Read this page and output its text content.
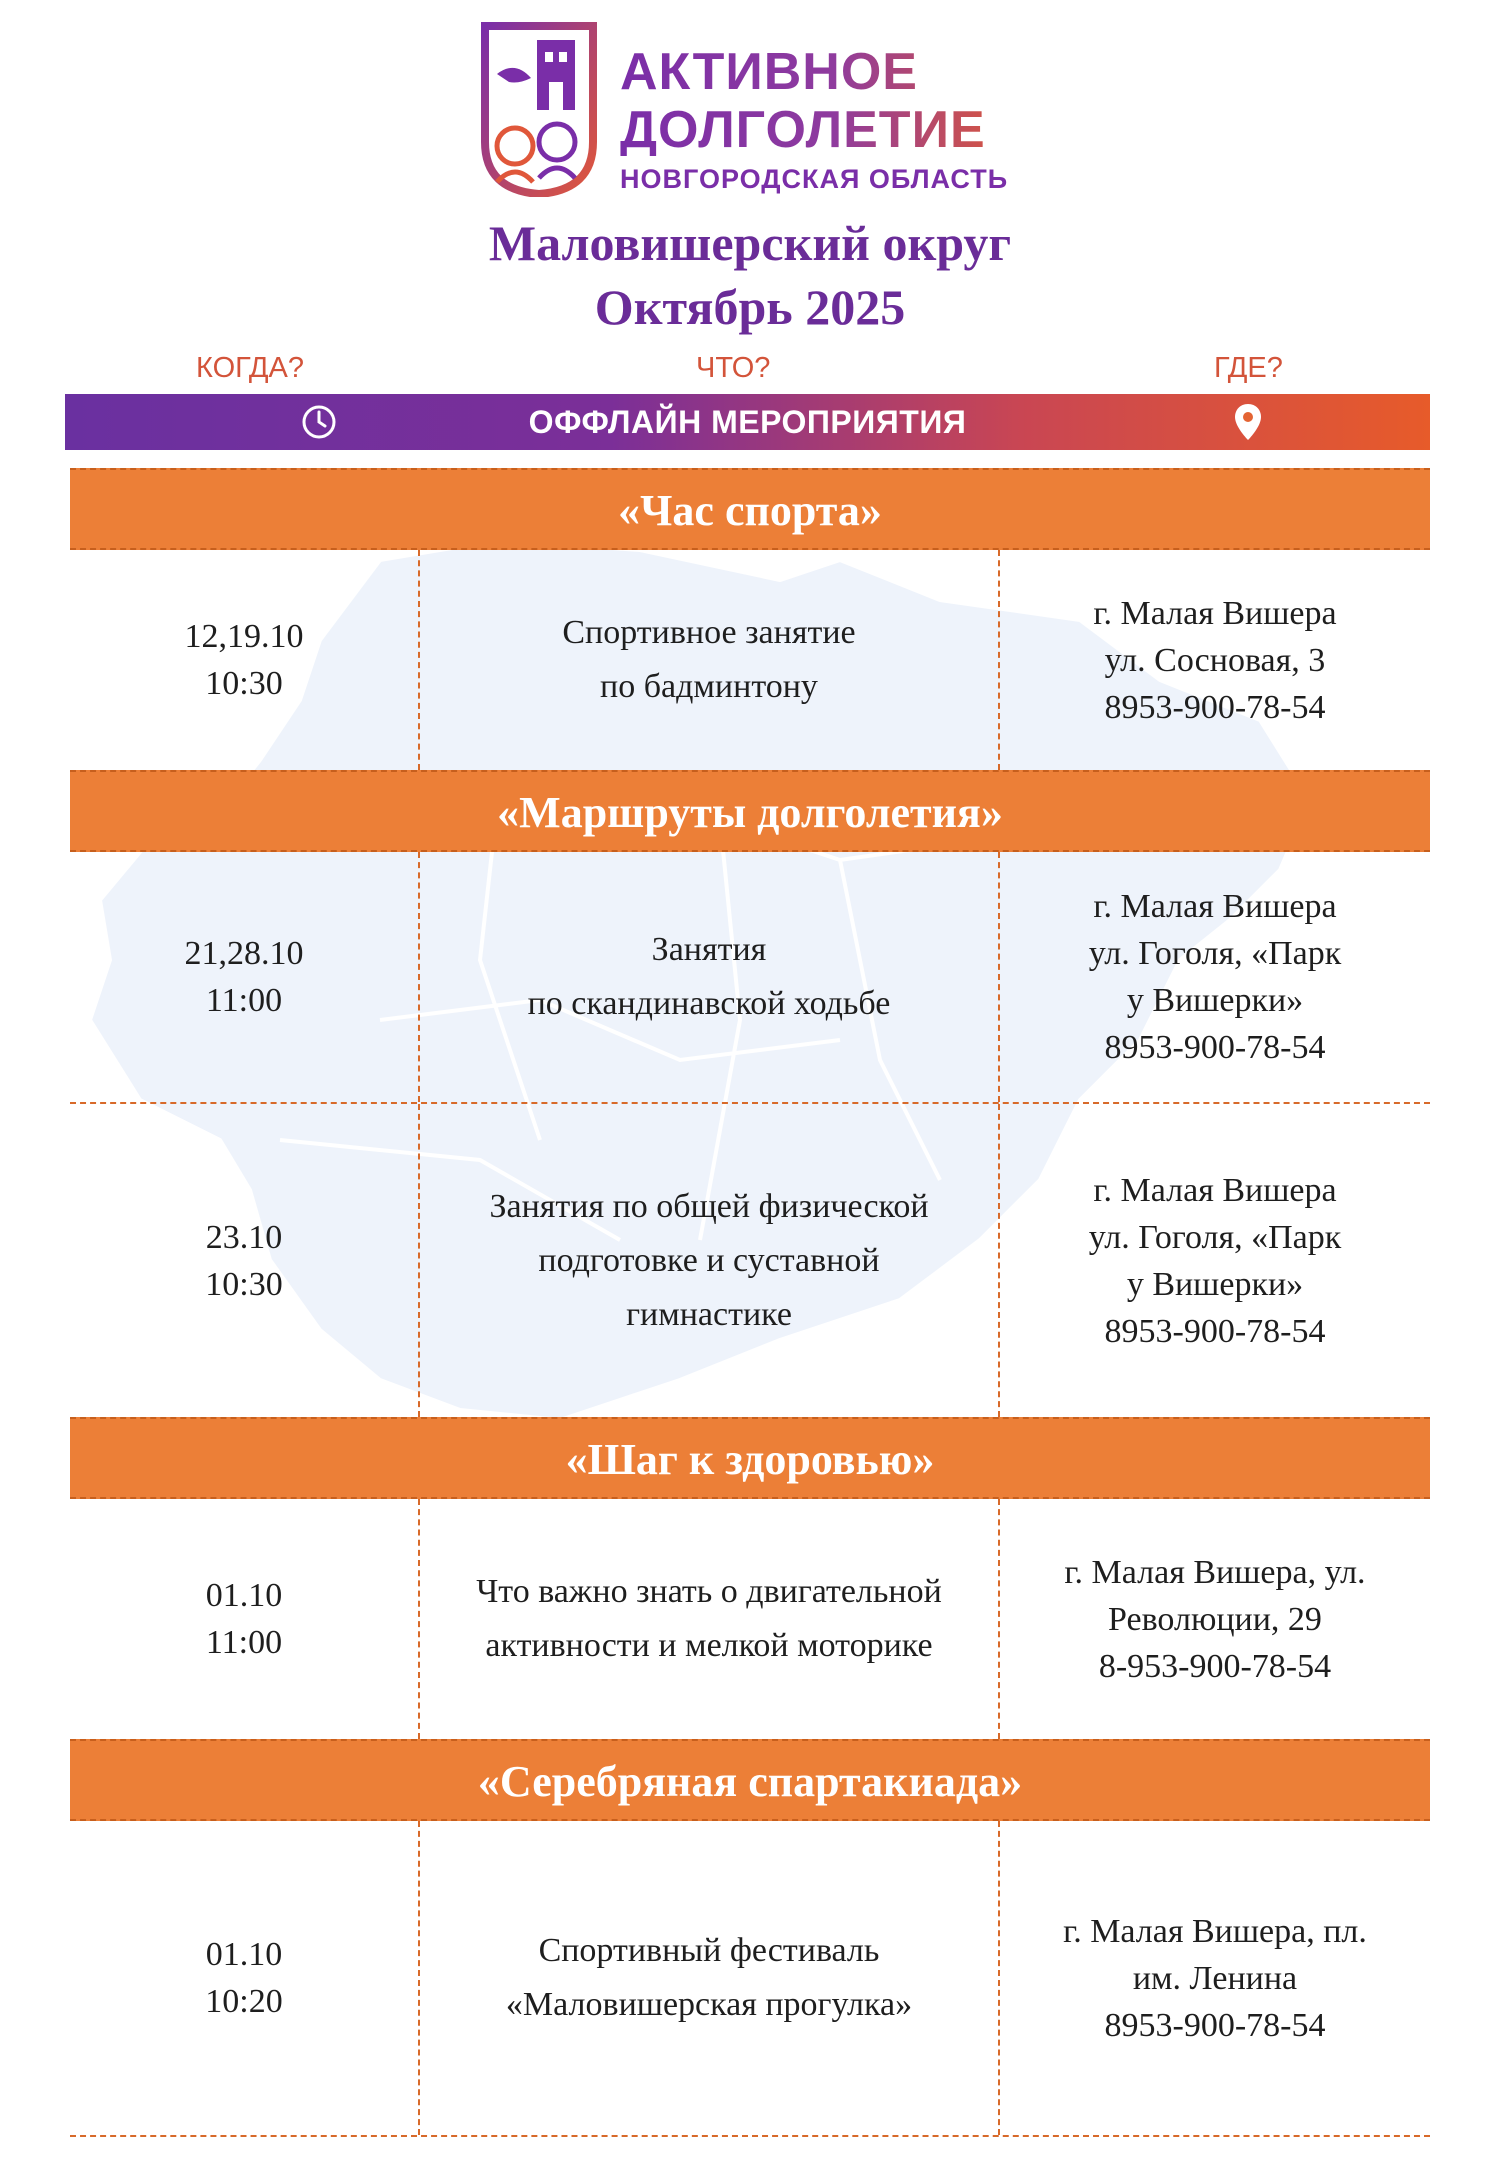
АКТИВНОЕ
ДОЛГОЛЕТИЕ
НОВГОРОДСКАЯ ОБЛАСТЬ
Маловишерский округ
Октябрь 2025
КОГДА?	ЧТО?	ГДЕ?
ОФФЛАЙН МЕРОПРИЯТИЯ
«Час спорта»
12,19.10
10:30
Спортивное занятие
по бадминтону
г. Малая Вишера
ул. Сосновая, 3
8953-900-78-54
«Маршруты долголетия»
21,28.10
11:00
Занятия
по скандинавской ходьбе
г. Малая Вишера
ул. Гоголя, «Парк
у Вишерки»
8953-900-78-54
23.10
10:30
Занятия по общей физической
подготовке и суставной
гимнастике
г. Малая Вишера
ул. Гоголя, «Парк
у Вишерки»
8953-900-78-54
«Шаг к здоровью»
01.10
11:00
Что важно знать о двигательной
активности и мелкой моторике
г. Малая Вишера, ул.
Революции, 29
8-953-900-78-54
«Серебряная спартакиада»
01.10
10:20
Спортивный фестиваль
«Маловишерская прогулка»
г. Малая Вишера, пл.
им. Ленина
8953-900-78-54
